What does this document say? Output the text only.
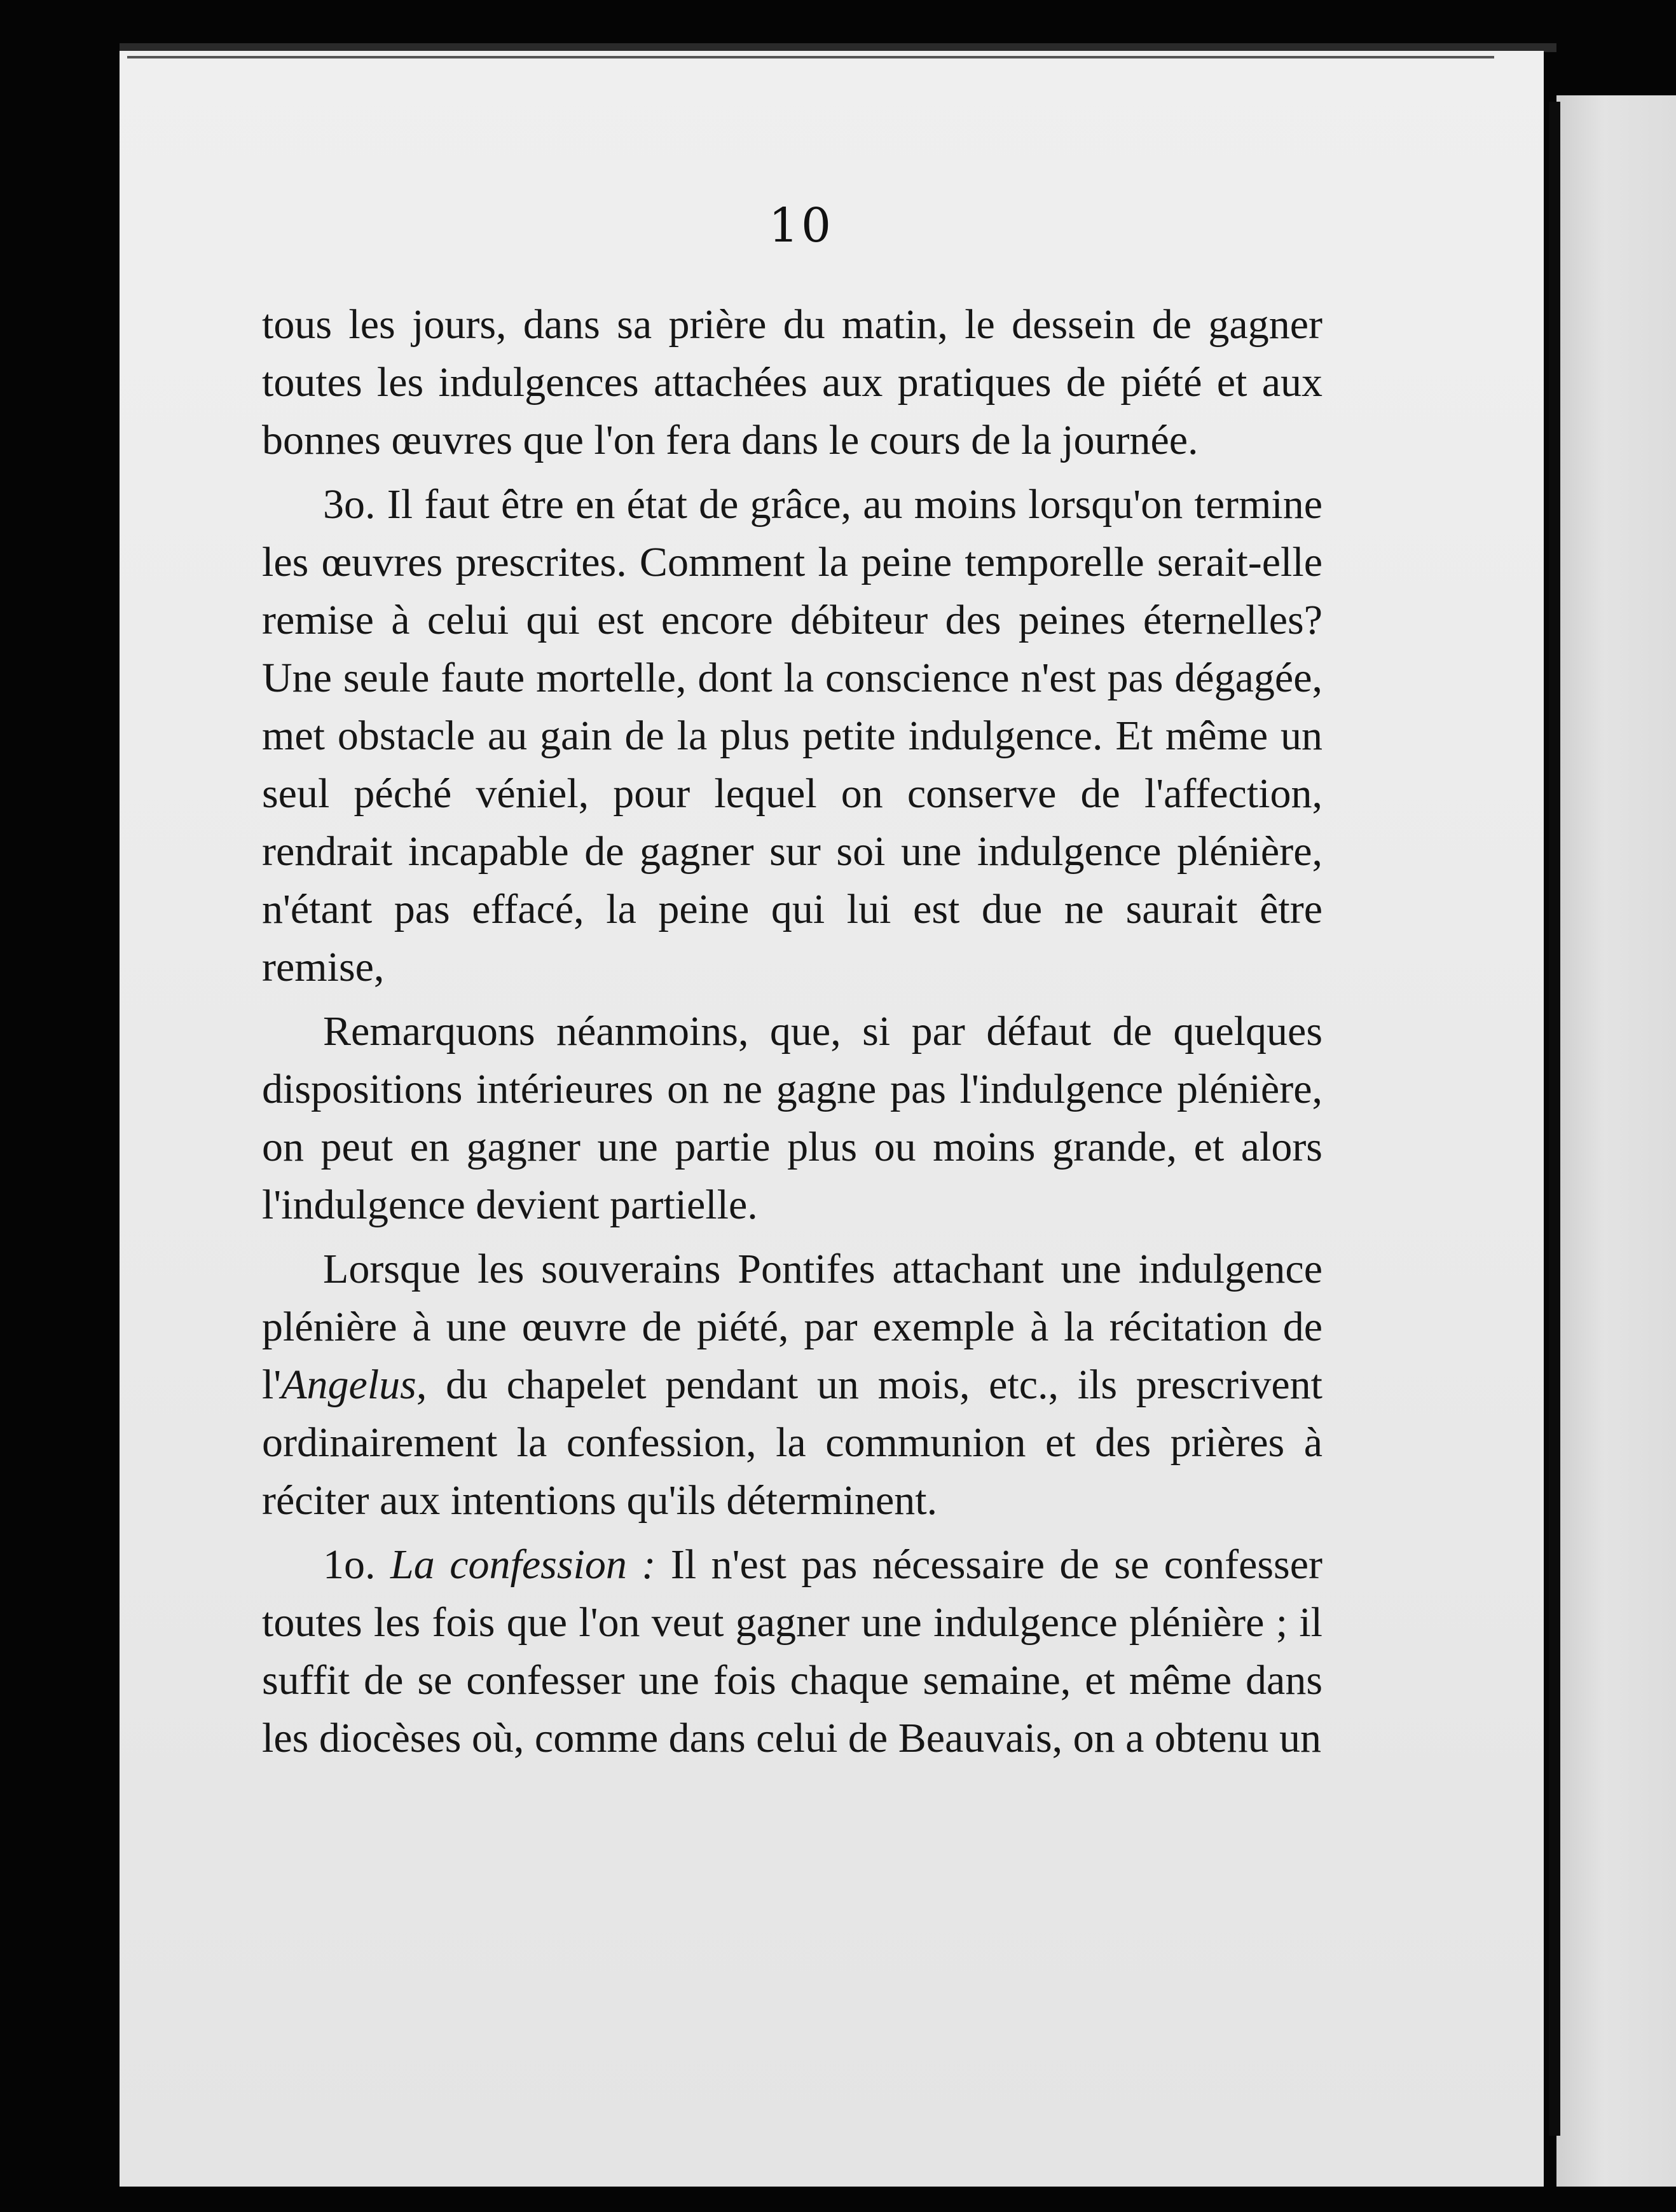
10

tous les jours, dans sa prière du matin, le dessein de gagner toutes les indulgences attachées aux pratiques de piété et aux bonnes œuvres que l'on fera dans le cours de la journée.

3o. Il faut être en état de grâce, au moins lorsqu'on termine les œuvres prescrites. Comment la peine temporelle serait-elle remise à celui qui est encore débiteur des peines éternelles? Une seule faute mortelle, dont la conscience n'est pas dégagée, met obstacle au gain de la plus petite indulgence. Et même un seul péché véniel, pour lequel on conserve de l'affection, rendrait incapable de gagner sur soi une indulgence plénière, n'étant pas effacé, la peine qui lui est due ne saurait être remise,

Remarquons néanmoins, que, si par défaut de quelques dispositions intérieures on ne gagne pas l'indulgence plénière, on peut en gagner une partie plus ou moins grande, et alors l'indulgence devient partielle.

Lorsque les souverains Pontifes attachant une indulgence plénière à une œuvre de piété, par exemple à la récitation de l'Angelus, du chapelet pendant un mois, etc., ils prescrivent ordinairement la confession, la communion et des prières à réciter aux intentions qu'ils déterminent.

1o. La confession : Il n'est pas nécessaire de se confesser toutes les fois que l'on veut gagner une indulgence plénière ; il suffit de se confesser une fois chaque semaine, et même dans les diocèses où, comme dans celui de Beauvais, on a obtenu un
